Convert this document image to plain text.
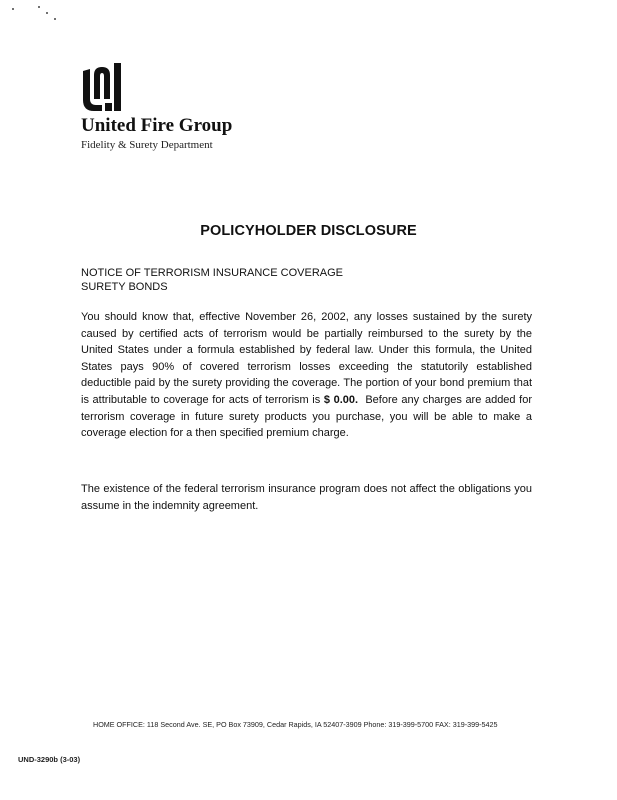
United Fire Group
Fidelity & Surety Department
POLICYHOLDER DISCLOSURE
NOTICE OF TERRORISM INSURANCE COVERAGE
SURETY BONDS

You should know that, effective November 26, 2002, any losses sustained by the surety caused by certified acts of terrorism would be partially reimbursed to the surety by the United States under a formula established by federal law. Under this formula, the United States pays 90% of covered terrorism losses exceeding the statutorily established deductible paid by the surety providing the coverage. The portion of your bond premium that is attributable to coverage for acts of terrorism is $ 0.00. Before any charges are added for terrorism coverage in future surety products you purchase, you will be able to make a coverage election for a then specified premium charge.

The existence of the federal terrorism insurance program does not affect the obligations you assume in the indemnity agreement.

HOME OFFICE: 118 Second Ave. SE, PO Box 73909, Cedar Rapids, IA 52407-3909 Phone: 319-399-5700 FAX: 319-399-5425
UND-3290b (3-03)
